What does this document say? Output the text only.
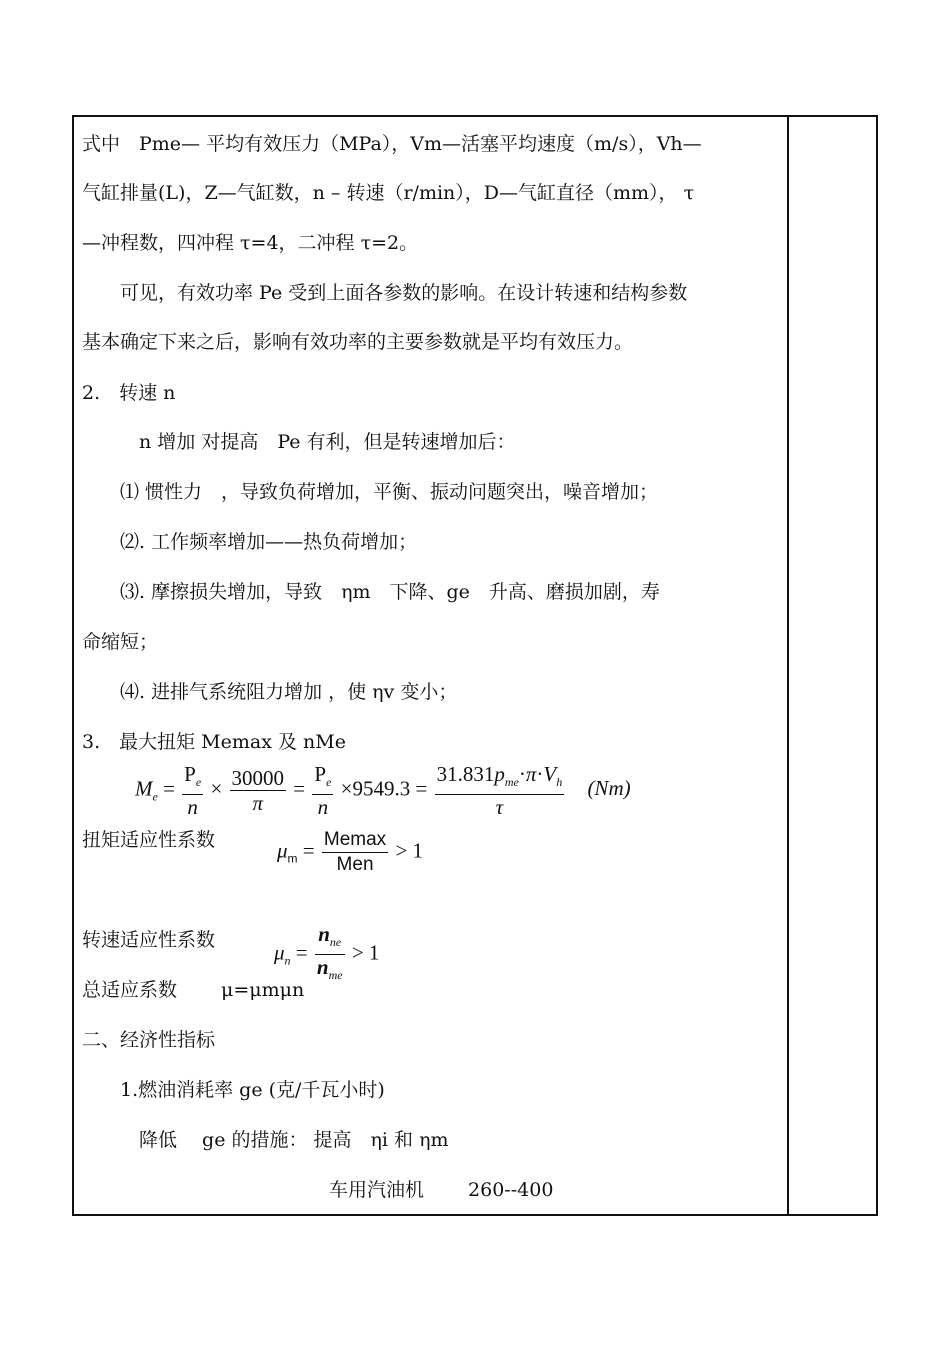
式中　Pme— 平均有效压力（MPa），Vm—活塞平均速度（m/s），Vh—
气缸排量(L)，Z—气缸数，n – 转速（r/min），D—气缸直径（mm）， τ
—冲程数，四冲程 τ=4，二冲程 τ=2。
　　可见，有效功率 Pe 受到上面各参数的影响。在设计转速和结构参数
基本确定下来之后，影响有效功率的主要参数就是平均有效压力。
2.　转速 n
　　　n 增加 对提高　Pe 有利，但是转速增加后：
　　⑴ 惯性力　，导致负荷增加，平衡、振动问题突出，噪音增加；
　　⑵. 工作频率增加——热负荷增加；
　　⑶. 摩擦损失增加，导致　ηm　下降、ge　升高、磨损加剧，寿
命缩短；
　　⑷. 进排气系统阻力增加 ，使 ηv 变小；
3.　最大扭矩 Memax 及 nMe
$M_e = \frac{P_e}{n} \times \frac{30000}{\pi} = \frac{P_e}{n} \times 9549.3 = \frac{31.831p_{me}\cdot\pi\cdot V_h}{\tau} (Nm)$
扭矩适应性系数	$\mu_m = \frac{Memax}{\text{Men}} > 1$
转速适应性系数
$\mu_n = \frac{n_{ne}}{n_{me}} > 1$
总适应系数　　 μ=μmμn
二、经济性指标
　　1.燃油消耗率 ge (克/千瓦小时)
　　　降低　 ge 的措施： 提高　ηi 和 ηm
　　　　　　　　　　　　　车用汽油机　　 260--400
